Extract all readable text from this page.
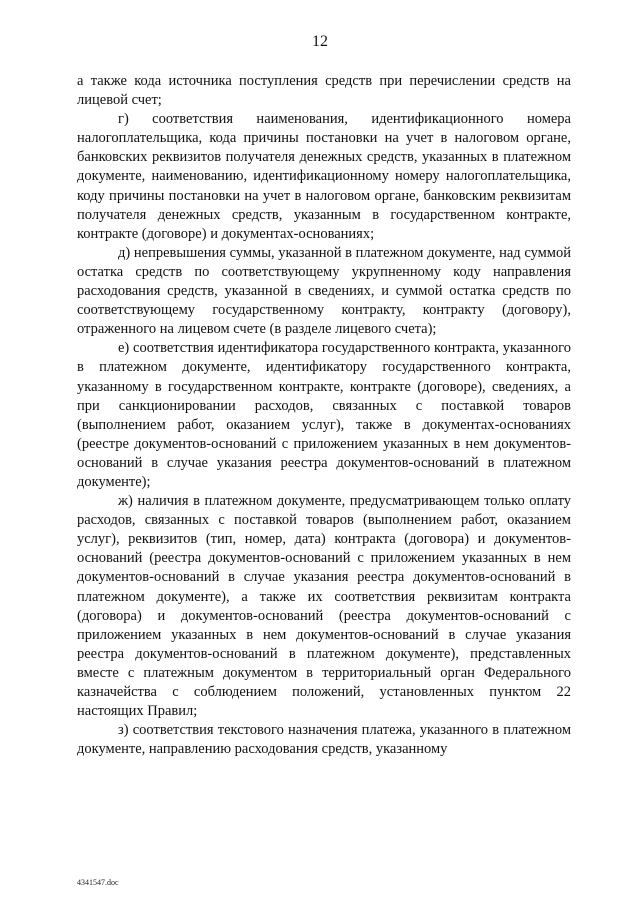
12

а также кода источника поступления средств при перечислении средств на лицевой счет;

г) соответствия наименования, идентификационного номера налогоплательщика, кода причины постановки на учет в налоговом органе, банковских реквизитов получателя денежных средств, указанных в платежном документе, наименованию, идентификационному номеру налогоплательщика, коду причины постановки на учет в налоговом органе, банковским реквизитам получателя денежных средств, указанным в государственном контракте, контракте (договоре) и документах-основаниях;

д) непревышения суммы, указанной в платежном документе, над суммой остатка средств по соответствующему укрупненному коду направления расходования средств, указанной в сведениях, и суммой остатка средств по соответствующему государственному контракту, контракту (договору), отраженного на лицевом счете (в разделе лицевого счета);

е) соответствия идентификатора государственного контракта, указанного в платежном документе, идентификатору государственного контракта, указанному в государственном контракте, контракте (договоре), сведениях, а при санкционировании расходов, связанных с поставкой товаров (выполнением работ, оказанием услуг), также в документах-основаниях (реестре документов-оснований с приложением указанных в нем документов-оснований в случае указания реестра документов-оснований в платежном документе);

ж) наличия в платежном документе, предусматривающем только оплату расходов, связанных с поставкой товаров (выполнением работ, оказанием услуг), реквизитов (тип, номер, дата) контракта (договора) и документов-оснований (реестра документов-оснований с приложением указанных в нем документов-оснований в случае указания реестра документов-оснований в платежном документе), а также их соответствия реквизитам контракта (договора) и документов-оснований (реестра документов-оснований с приложением указанных в нем документов-оснований в случае указания реестра документов-оснований в платежном документе), представленных вместе с платежным документом в территориальный орган Федерального казначейства с соблюдением положений, установленных пунктом 22 настоящих Правил;

з) соответствия текстового назначения платежа, указанного в платежном документе, направлению расходования средств, указанному

4341547.doc
